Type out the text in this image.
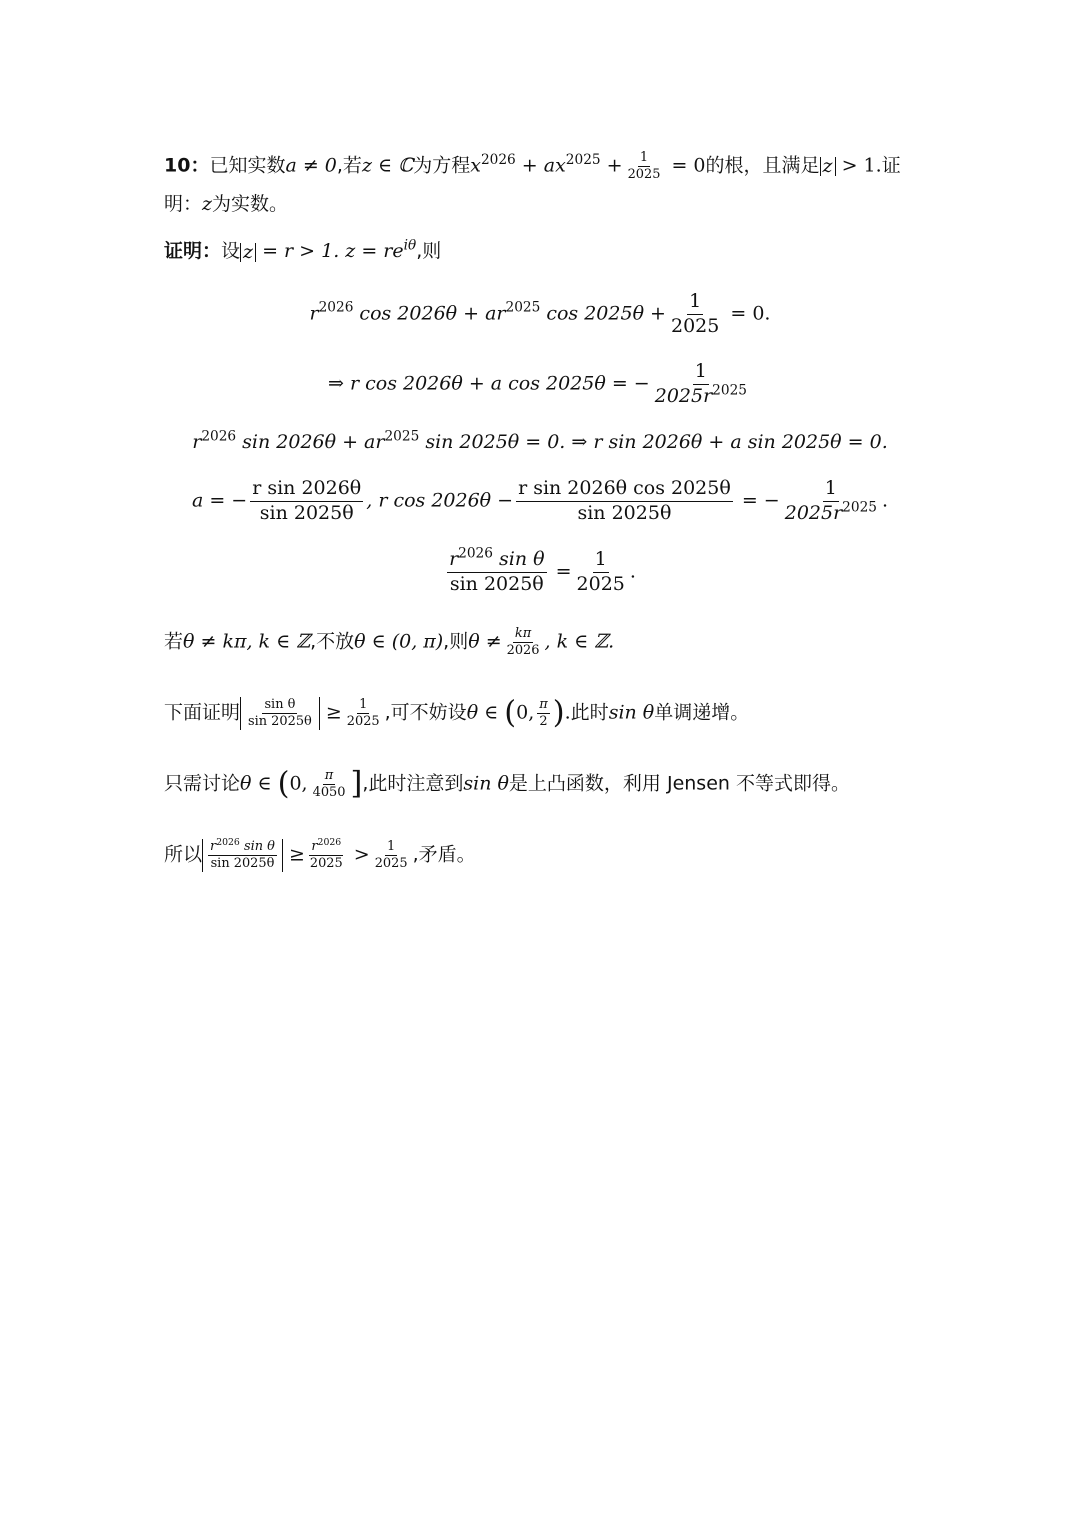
10：已知实数a ≠ 0,若z ∈ ℂ为方程$x^{2026} + ax^{2025} + \frac{1}{2025} = 0$的根，且满足 z > 1.证
明：z为实数。
证明：设 z = r > 1. $z = re^{i\theta}$,则
$r^{2026}$ $\cos 2026\theta + ar^{2025}$ $\cos 2025\theta + \frac{1}{2025} = 0$.
⇒ r cos 2026θ + a cos 2025θ = − $\frac{1}{2025r^{2025}}$
$r^{2026}$ $\sin 2026\theta + ar^{2025}$ sin 2025θ = 0. ⇒ r sin 2026θ + a sin 2025θ = 0.
a = − $\frac{\text{r sin 2026θ}}{\sin 2025\theta}$ , r $\cos 2026\theta - \frac{\text{r sin 2026θ cos 2025θ}}{\sin 2025\theta}$ = − $\frac{1}{2025r^{2025}}$ .
$\frac{r^{2026} \sin \theta}{\sin 2025\theta} = \frac{1}{2025}$ .
若θ ≠ kπ, k ∈ ℤ,不放θ ∈ (0, π),则$\theta \ne \frac{k\pi}{2026}$ , k ∈ ℤ.
下面证明 $\frac{\text{sin θ}}{\sin 2025\theta} \ge \frac{1}{2025}$ ,可不妨设θ ∈ (0, $\frac{\pi}{2}$ ).此时sin θ单调递增。
只需讨论θ ∈ (0, $\frac{\pi}{4050}$ ],此时注意到sin θ是上凸函数，利用 Jensen 不等式即得。
所以 $\frac{r^{2026} \sin \theta}{\sin 2025\theta} \ge \frac{r^{2026}}{2025} > \frac{1}{2025}$ ,矛盾。
